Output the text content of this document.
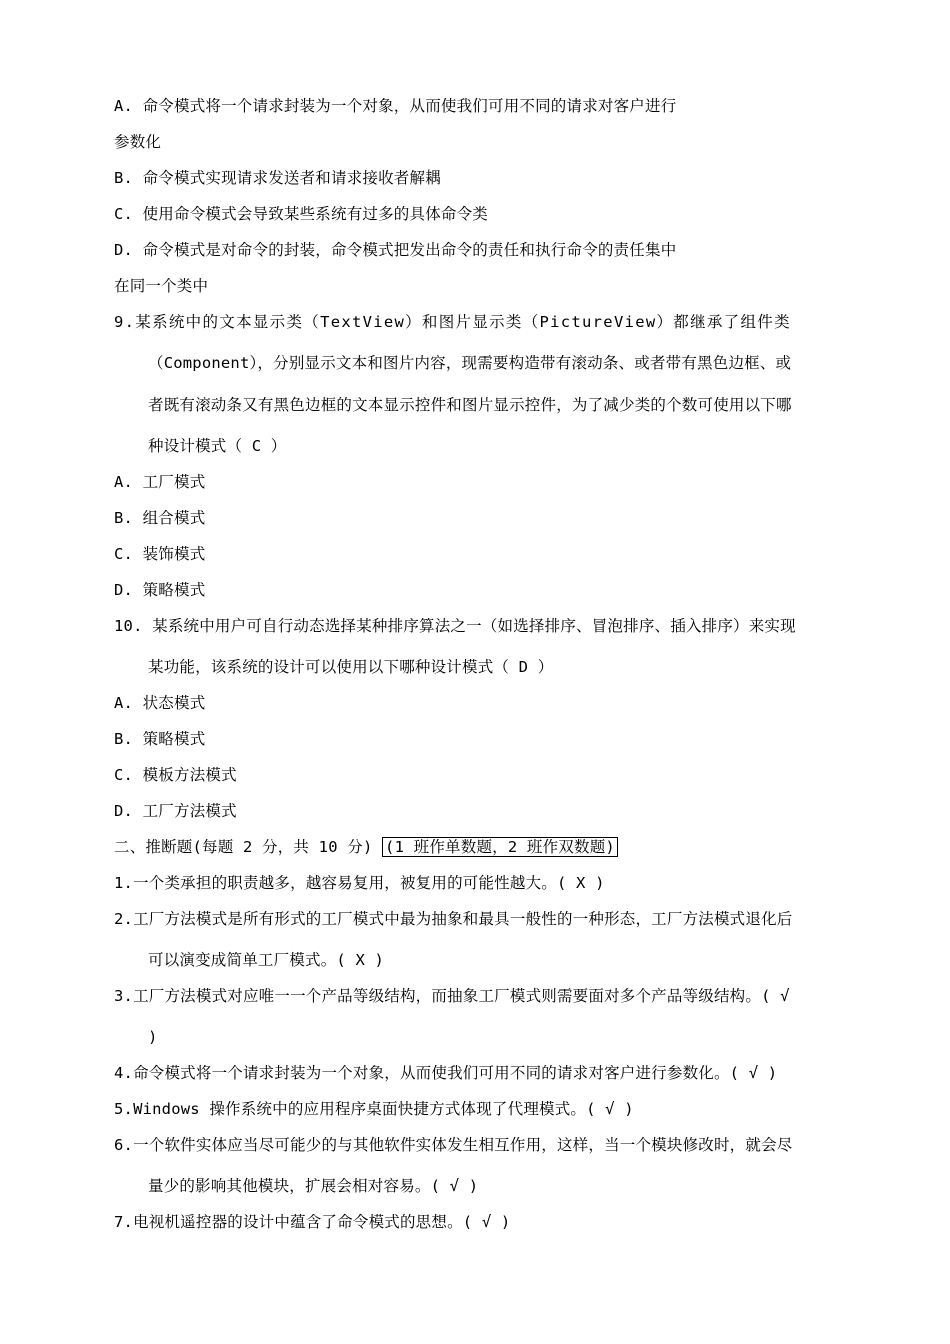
A. 命令模式将一个请求封装为一个对象，从而使我们可用不同的请求对客户进行
参数化
B. 命令模式实现请求发送者和请求接收者解耦
C. 使用命令模式会导致某些系统有过多的具体命令类
D. 命令模式是对命令的封装，命令模式把发出命令的责任和执行命令的责任集中
在同一个类中
9.某系统中的文本显示类（TextView）和图片显示类（PictureView）都继承了组件类
（Component），分别显示文本和图片内容，现需要构造带有滚动条、或者带有黑色边框、或
者既有滚动条又有黑色边框的文本显示控件和图片显示控件，为了减少类的个数可使用以下哪
种设计模式（ C ）
A. 工厂模式
B. 组合模式
C. 装饰模式
D. 策略模式
10. 某系统中用户可自行动态选择某种排序算法之一（如选择排序、冒泡排序、插入排序）来实现
某功能，该系统的设计可以使用以下哪种设计模式（ D ）
A. 状态模式
B. 策略模式
C. 模板方法模式
D. 工厂方法模式
二、推断题(每题 2 分，共 10 分) (1 班作单数题，2 班作双数题)
1.一个类承担的职责越多，越容易复用，被复用的可能性越大。( X )
2.工厂方法模式是所有形式的工厂模式中最为抽象和最具一般性的一种形态，工厂方法模式退化后
可以演变成简单工厂模式。( X )
3.工厂方法模式对应唯一一个产品等级结构，而抽象工厂模式则需要面对多个产品等级结构。( √
)
4.命令模式将一个请求封装为一个对象，从而使我们可用不同的请求对客户进行参数化。( √ )
5.Windows 操作系统中的应用程序桌面快捷方式体现了代理模式。( √ )
6.一个软件实体应当尽可能少的与其他软件实体发生相互作用，这样，当一个模块修改时，就会尽
量少的影响其他模块，扩展会相对容易。( √ )
7.电视机遥控器的设计中蕴含了命令模式的思想。( √ )
